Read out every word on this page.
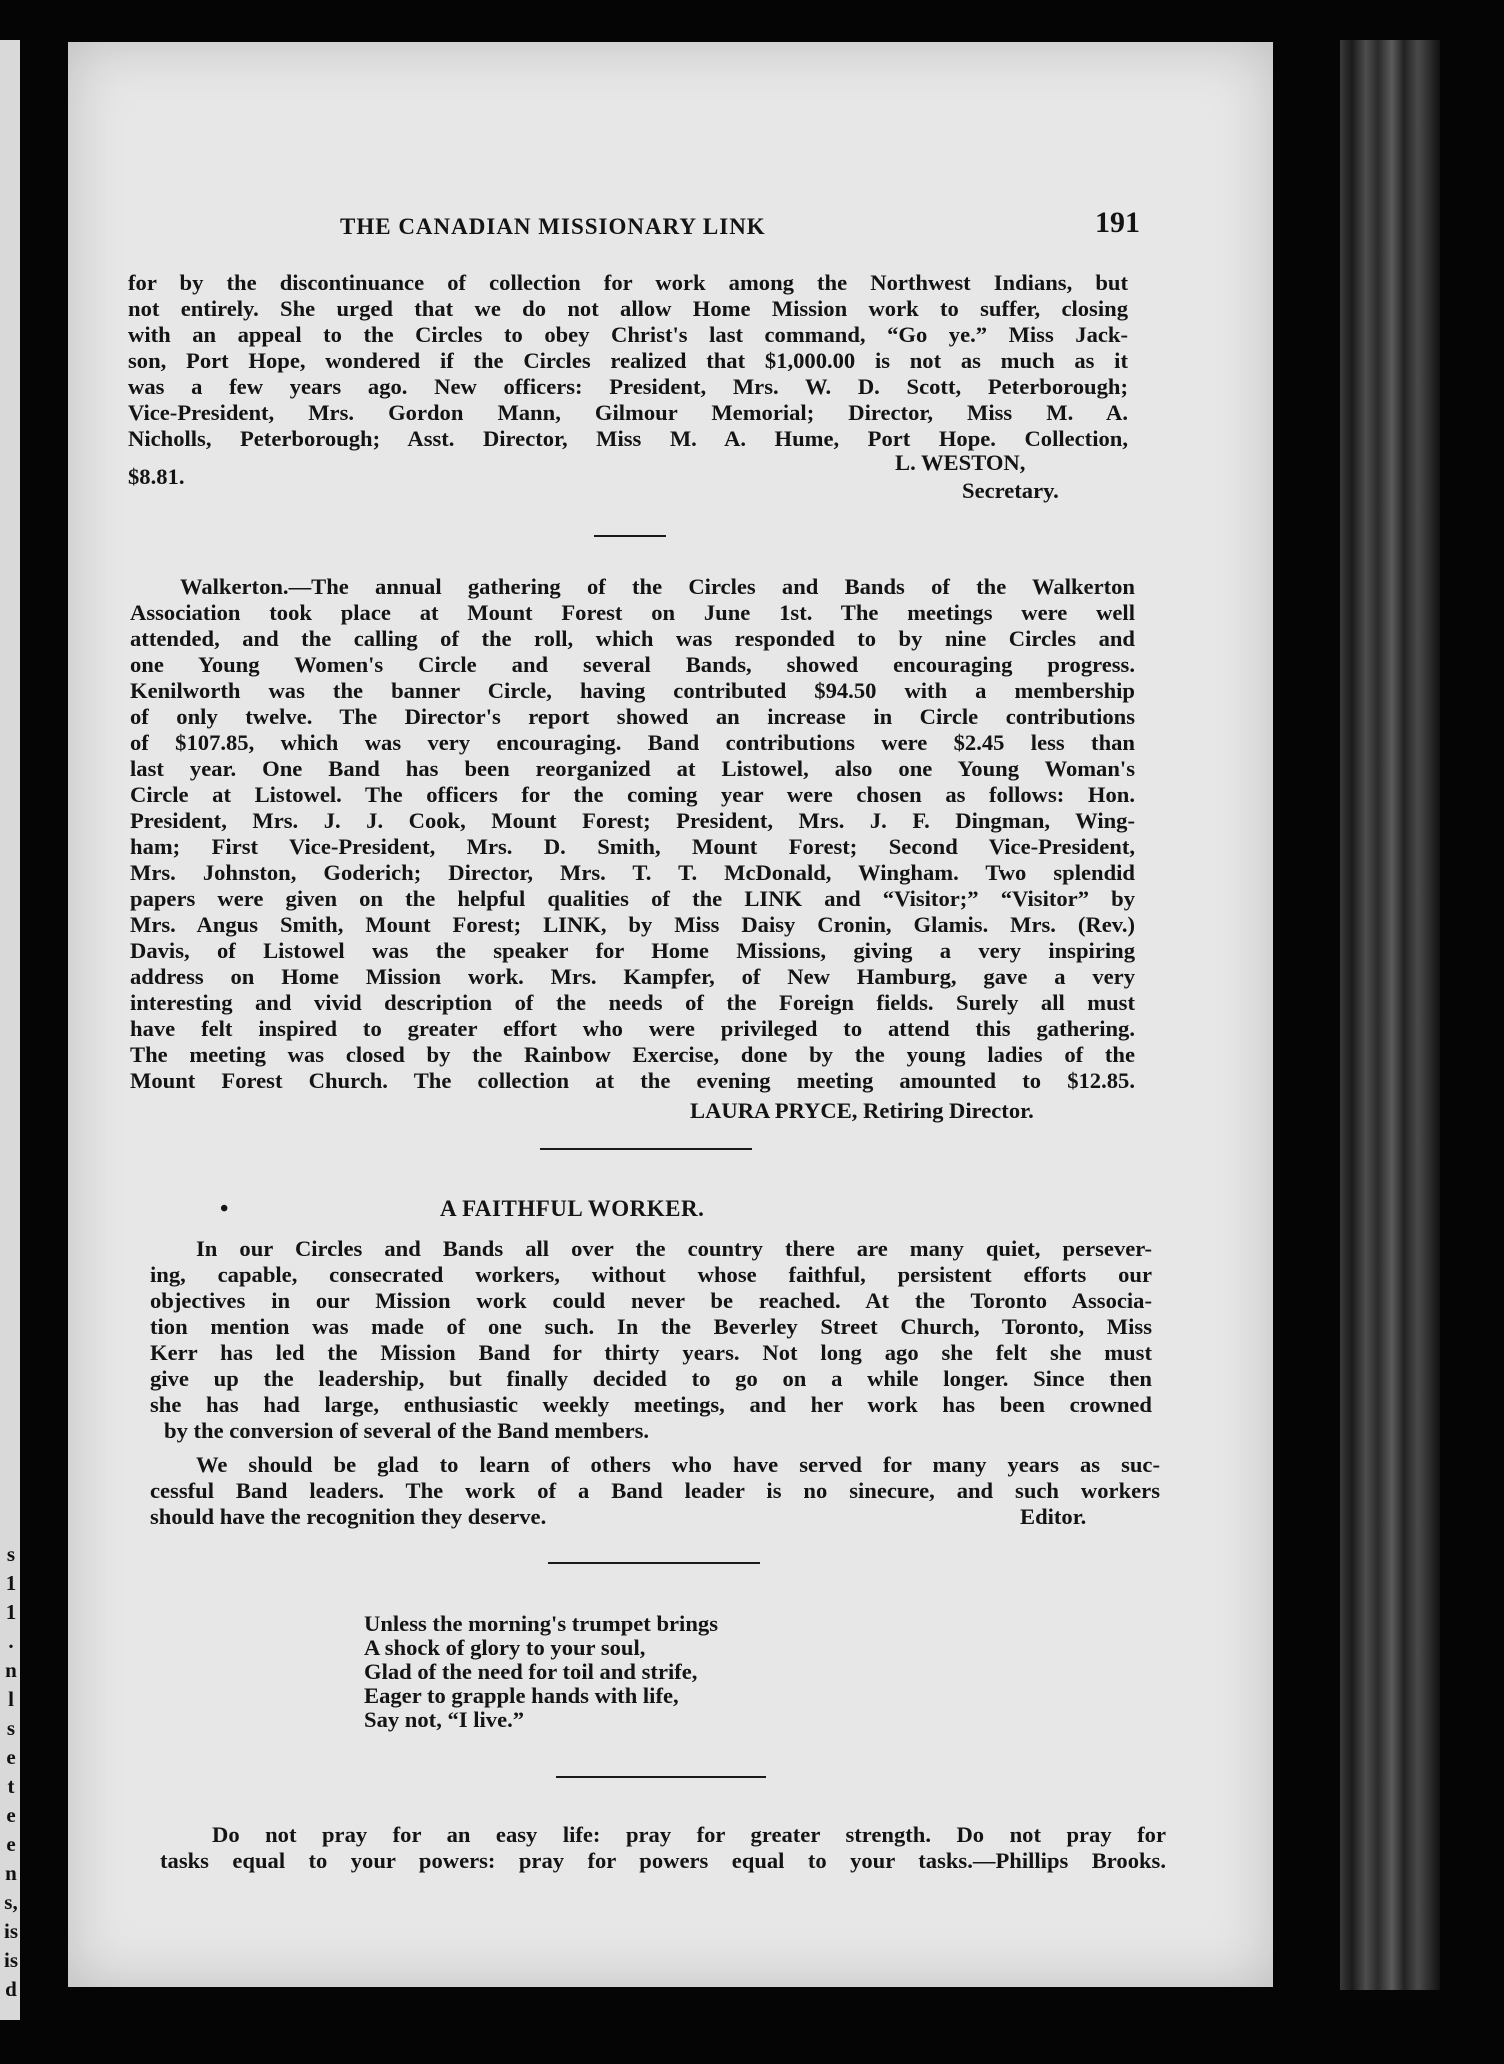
s
1
1
.
n
l
s
e
t
e
e
n
s,
is
is
d
THE CANADIAN MISSIONARY LINK	191
for by the discontinuance of collection for work among the Northwest Indians, but
not entirely. She urged that we do not allow Home Mission work to suffer, closing
with an appeal to the Circles to obey Christ's last command, “Go ye.” Miss Jack-
son, Port Hope, wondered if the Circles realized that $1,000.00 is not as much as it
was a few years ago. New officers: President, Mrs. W. D. Scott, Peterborough;
Vice-President, Mrs. Gordon Mann, Gilmour Memorial; Director, Miss M. A.
Nicholls, Peterborough; Asst. Director, Miss M. A. Hume, Port Hope. Collection,
$8.81.
L. WESTON,
Secretary.
Walkerton.—The annual gathering of the Circles and Bands of the Walkerton
Association took place at Mount Forest on June 1st. The meetings were well
attended, and the calling of the roll, which was responded to by nine Circles and
one Young Women's Circle and several Bands, showed encouraging progress.
Kenilworth was the banner Circle, having contributed $94.50 with a membership
of only twelve. The Director's report showed an increase in Circle contributions
of $107.85, which was very encouraging. Band contributions were $2.45 less than
last year. One Band has been reorganized at Listowel, also one Young Woman's
Circle at Listowel. The officers for the coming year were chosen as follows: Hon.
President, Mrs. J. J. Cook, Mount Forest; President, Mrs. J. F. Dingman, Wing-
ham; First Vice-President, Mrs. D. Smith, Mount Forest; Second Vice-President,
Mrs. Johnston, Goderich; Director, Mrs. T. T. McDonald, Wingham. Two splendid
papers were given on the helpful qualities of the LINK and “Visitor;” “Visitor” by
Mrs. Angus Smith, Mount Forest; LINK, by Miss Daisy Cronin, Glamis. Mrs. (Rev.)
Davis, of Listowel was the speaker for Home Missions, giving a very inspiring
address on Home Mission work. Mrs. Kampfer, of New Hamburg, gave a very
interesting and vivid description of the needs of the Foreign fields. Surely all must
have felt inspired to greater effort who were privileged to attend this gathering.
The meeting was closed by the Rainbow Exercise, done by the young ladies of the
Mount Forest Church. The collection at the evening meeting amounted to $12.85.
LAURA PRYCE, Retiring Director.
•	A FAITHFUL WORKER.
In our Circles and Bands all over the country there are many quiet, persever-
ing, capable, consecrated workers, without whose faithful, persistent efforts our
objectives in our Mission work could never be reached. At the Toronto Associa-
tion mention was made of one such. In the Beverley Street Church, Toronto, Miss
Kerr has led the Mission Band for thirty years. Not long ago she felt she must
give up the leadership, but finally decided to go on a while longer. Since then
she has had large, enthusiastic weekly meetings, and her work has been crowned
by the conversion of several of the Band members.
We should be glad to learn of others who have served for many years as suc-
cessful Band leaders. The work of a Band leader is no sinecure, and such workers
should have the recognition they deserve.	Editor.
Unless the morning's trumpet brings
A shock of glory to your soul,
Glad of the need for toil and strife,
Eager to grapple hands with life,
Say not, “I live.”
Do not pray for an easy life: pray for greater strength. Do not pray for
tasks equal to your powers: pray for powers equal to your tasks.—Phillips Brooks.
